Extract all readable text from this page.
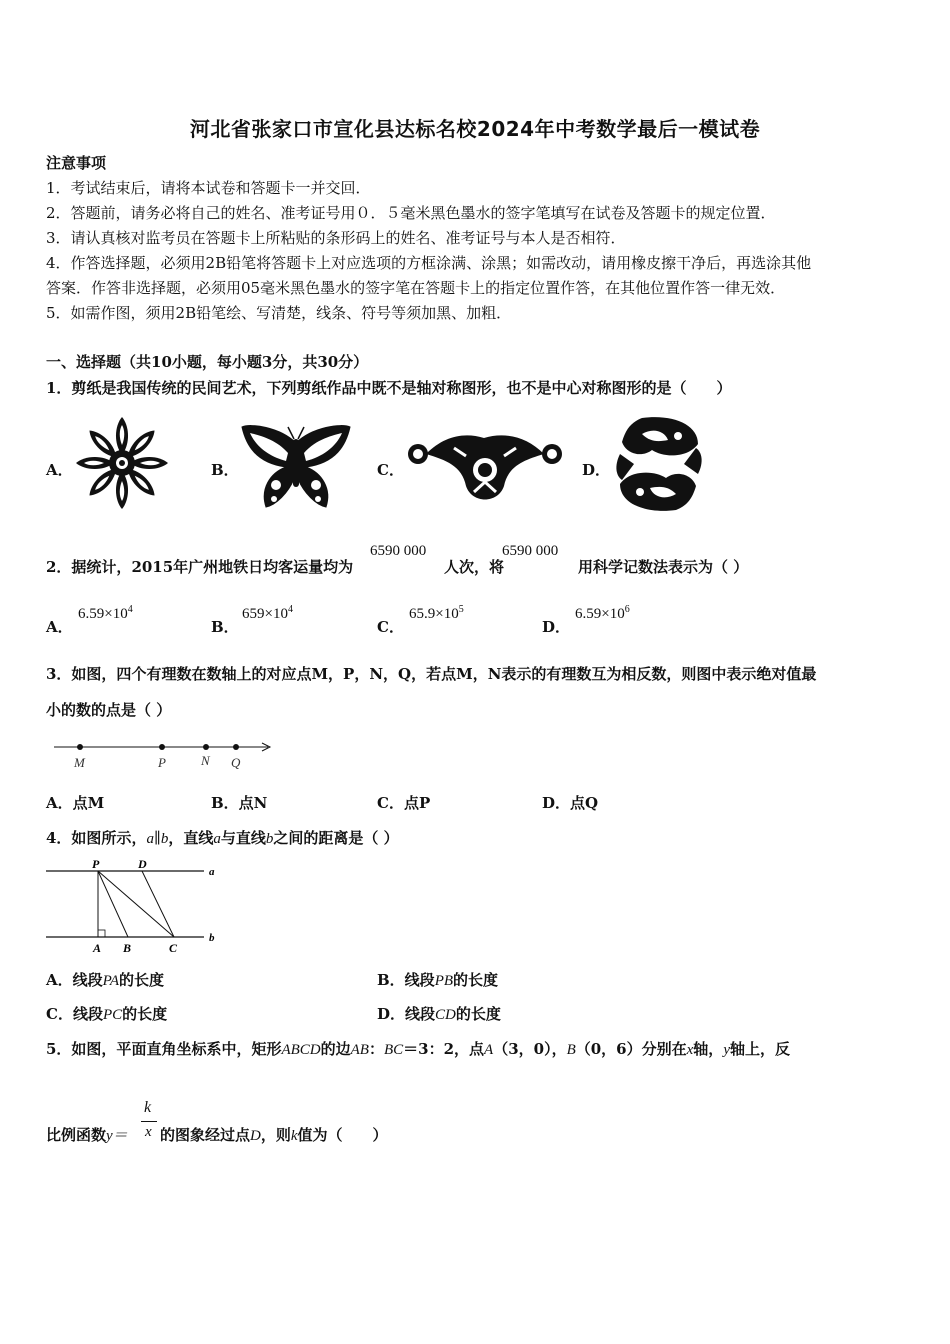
河北省张家口市宣化县达标名校2024年中考数学最后一模试卷
注意事项
1．考试结束后，请将本试卷和答题卡一并交回．
2．答题前，请务必将自己的姓名、准考证号用０．５毫米黑色墨水的签字笔填写在试卷及答题卡的规定位置．
3．请认真核对监考员在答题卡上所粘贴的条形码上的姓名、准考证号与本人是否相符．
4．作答选择题，必须用2B铅笔将答题卡上对应选项的方框涂满、涂黑；如需改动，请用橡皮擦干净后，再选涂其他
答案．作答非选择题，必须用05毫米黑色墨水的签字笔在答题卡上的指定位置作答，在其他位置作答一律无效．
5．如需作图，须用2B铅笔绘、写清楚，线条、符号等须加黑、加粗．
一、选择题（共10小题，每小题3分，共30分）
1．剪纸是我国传统的民间艺术，下列剪纸作品中既不是轴对称图形，也不是中心对称图形的是（　　）
A．	B．	C．	D．
2．据统计，2015年广州地铁日均客运量均为
6590 000
人次，将
6590 000
用科学记数法表示为（ ）
A．
$6.59\times 10^4$
B．
$659\times 10^4$
C．
$65.9\times 10^5$
D．
$6.59\times 10^6$
3．如图，四个有理数在数轴上的对应点M，P，N，Q，若点M，N表示的有理数互为相反数，则图中表示绝对值最
小的数的点是（ ）
M	P	N Q
A．点M	B．点N	C．点P	D．点Q
4．如图所示，a∥b，直线a与直线b之间的距离是（ ）
P	D
a
b
A B	C
A．线段PA的长度	B．线段PB的长度
C．线段PC的长度	D．线段CD的长度
5．如图，平面直角坐标系中，矩形ABCD的边AB：BC＝3：2，点A（3，0），B（0，6）分别在x轴，y轴上，反
比例函数y＝
k
x 的图象经过点D，则k值为（　　）
